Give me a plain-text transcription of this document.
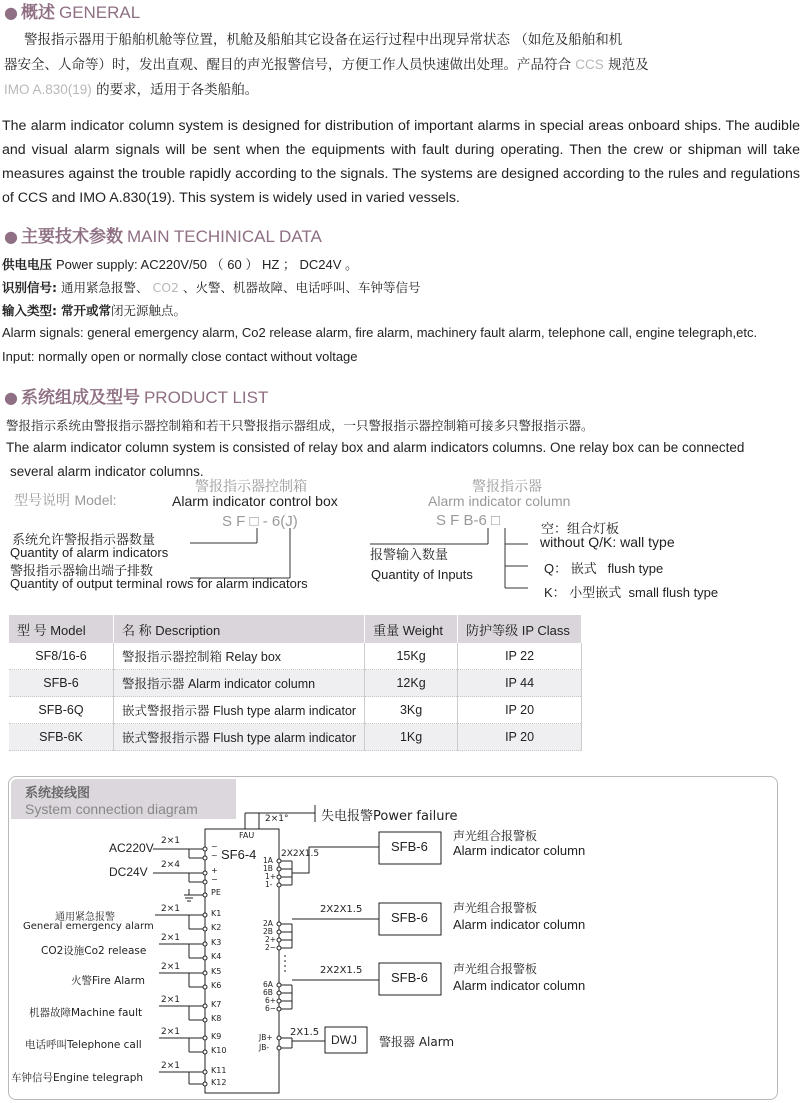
● 概述 GENERAL
警报指示器用于船舶机舱等位置，机舱及船舶其它设备在运行过程中出现异常状态 （如危及船舶和机
器安全、人命等）时，发出直观、醒目的声光报警信号，方便工作人员快速做出处理。产品符合 CCS 规范及
IMO A.830(19) 的要求，适用于各类船舶。
The alarm indicator column system is designed for distribution of important alarms in special areas onboard ships. The audible and visual alarm signals will be sent when the equipments with fault during operating. Then the crew or shipman will take measures against the trouble rapidly according to the signals. The systems are designed according to the rules and regulations of CCS and IMO A.830(19). This system is widely used in varied vessels.
● 主要技术参数 MAIN TECHINICAL DATA
供电电压 Power supply: AC220V/50 （ 60 ） HZ ； DC24V 。
识别信号: 通用紧急报警、 CO2 、火警、机器故障、电话呼叫、车钟等信号
输入类型: 常开或常闭无源触点。
Alarm signals: general emergency alarm, Co2 release alarm, fire alarm, machinery fault alarm, telephone call, engine telegraph,etc.
Input: normally open or normally close contact without voltage
● 系统组成及型号 PRODUCT LIST
警报指示系统由警报指示器控制箱和若干只警报指示器组成，一只警报指示器控制箱可接多只警报指示器。
The alarm indicator column system is consisted of relay box and alarm indicators columns. One relay box can be connected
several alarm indicator columns.
型号说明 Model:
警报指示器控制箱
Alarm indicator control box
S F □ - 6(J)
系统允许警报指示器数量
Quantity of alarm indicators
警报指示器输出端子排数
Quantity of output terminal rows for alarm indicators
警报指示器
Alarm indicator column
S F B-6 □
报警输入数量
Quantity of Inputs
空：组合灯板
without Q/K: wall type
Q： 嵌式 flush type
K： 小型嵌式 small flush type
型 号 Model	名 称 Description	重量 Weight	防护等级 IP Class
SF8/16-6	警报指示器控制箱 Relay box	15Kg	IP 22
SFB-6	警报指示器 Alarm indicator column	12Kg	IP 44
SFB-6Q	嵌式警报指示器 Flush type alarm indicator	3Kg	IP 20
SFB-6K	嵌式警报指示器 Flush type alarm indicator	1Kg	IP 20
系统接线图
System connection diagram
2×1°
FAU
失电报警Power failure
SF6-4
AC220V
DC24V
2×1
2×4
PE
通用紧急报警
General emergency alarm
CO2设施Co2 release
火警Fire Alarm
机器故障Machine fault
电话呼叫Telephone call
车钟信号Engine telegraph
2×1
2×1
2×1
2×1
2×1
2×1
~
~
+
−
K1
K2
K3
K4
K5
K6
K7
K8
K9
K10
K11
K12
1A
1B
1+
1-
2A
2B
2+
2−
6A
6B
6+
6−
JB+
JB-
2X2X1.5
2X2X1.5
2X2X1.5
2X1.5
SFB-6
SFB-6
SFB-6
DWJ
声光组合报警板
Alarm indicator column
声光组合报警板
Alarm indicator column
声光组合报警板
Alarm indicator column
警报器 Alarm
